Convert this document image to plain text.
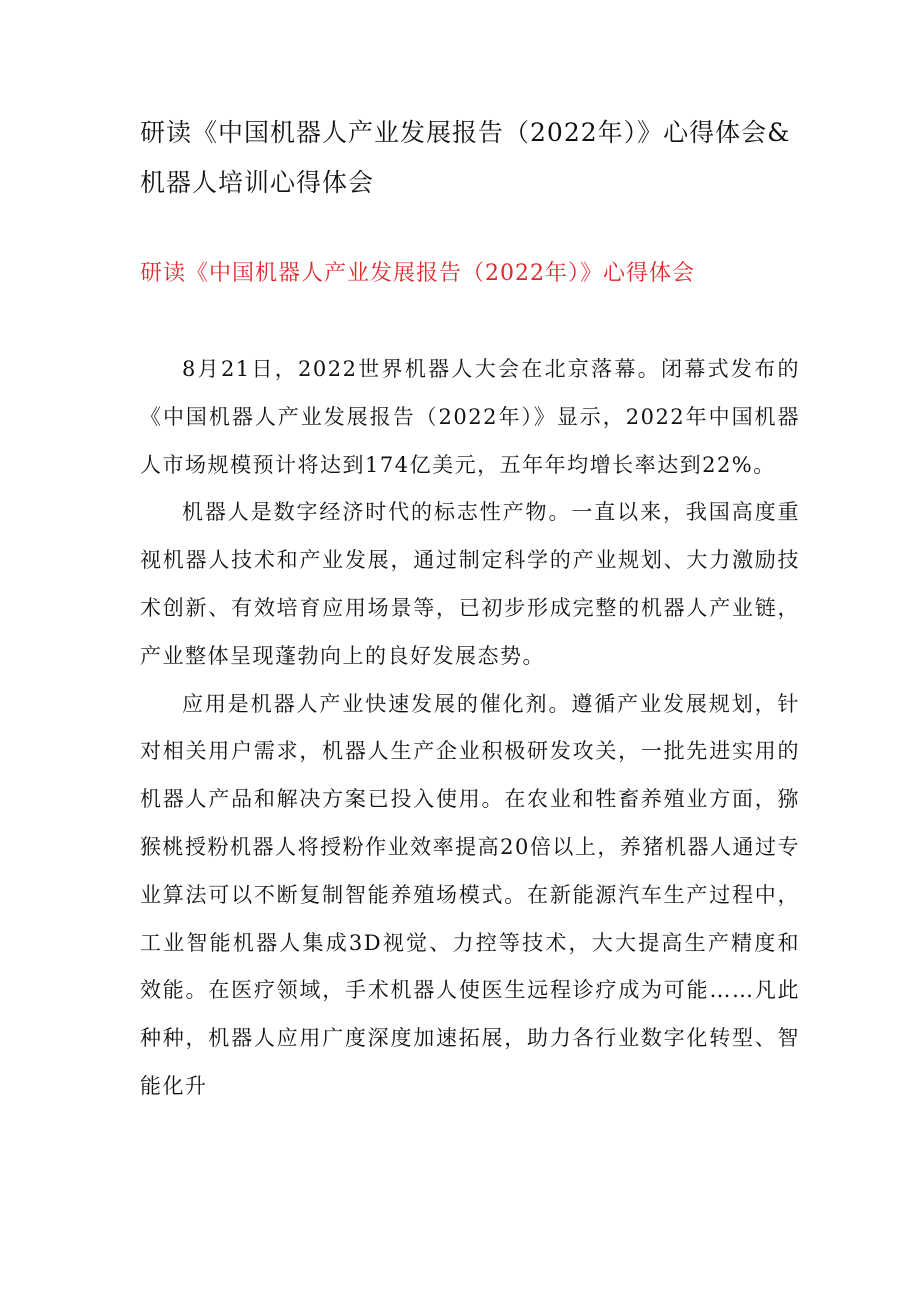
研读《中国机器人产业发展报告（2022年）》心得体会&机器人培训心得体会
研读《中国机器人产业发展报告（2022年）》心得体会

8月21日，2022世界机器人大会在北京落幕。闭幕式发布的《中国机器人产业发展报告（2022年）》显示，2022年中国机器人市场规模预计将达到174亿美元，五年年均增长率达到22%。

机器人是数字经济时代的标志性产物。一直以来，我国高度重视机器人技术和产业发展，通过制定科学的产业规划、大力激励技术创新、有效培育应用场景等，已初步形成完整的机器人产业链，产业整体呈现蓬勃向上的良好发展态势。

应用是机器人产业快速发展的催化剂。遵循产业发展规划，针对相关用户需求，机器人生产企业积极研发攻关，一批先进实用的机器人产品和解决方案已投入使用。在农业和牲畜养殖业方面，猕猴桃授粉机器人将授粉作业效率提高20倍以上，养猪机器人通过专业算法可以不断复制智能养殖场模式。在新能源汽车生产过程中，工业智能机器人集成3D视觉、力控等技术，大大提高生产精度和效能。在医疗领域，手术机器人使医生远程诊疗成为可能……凡此种种，机器人应用广度深度加速拓展，助力各行业数字化转型、智能化升
